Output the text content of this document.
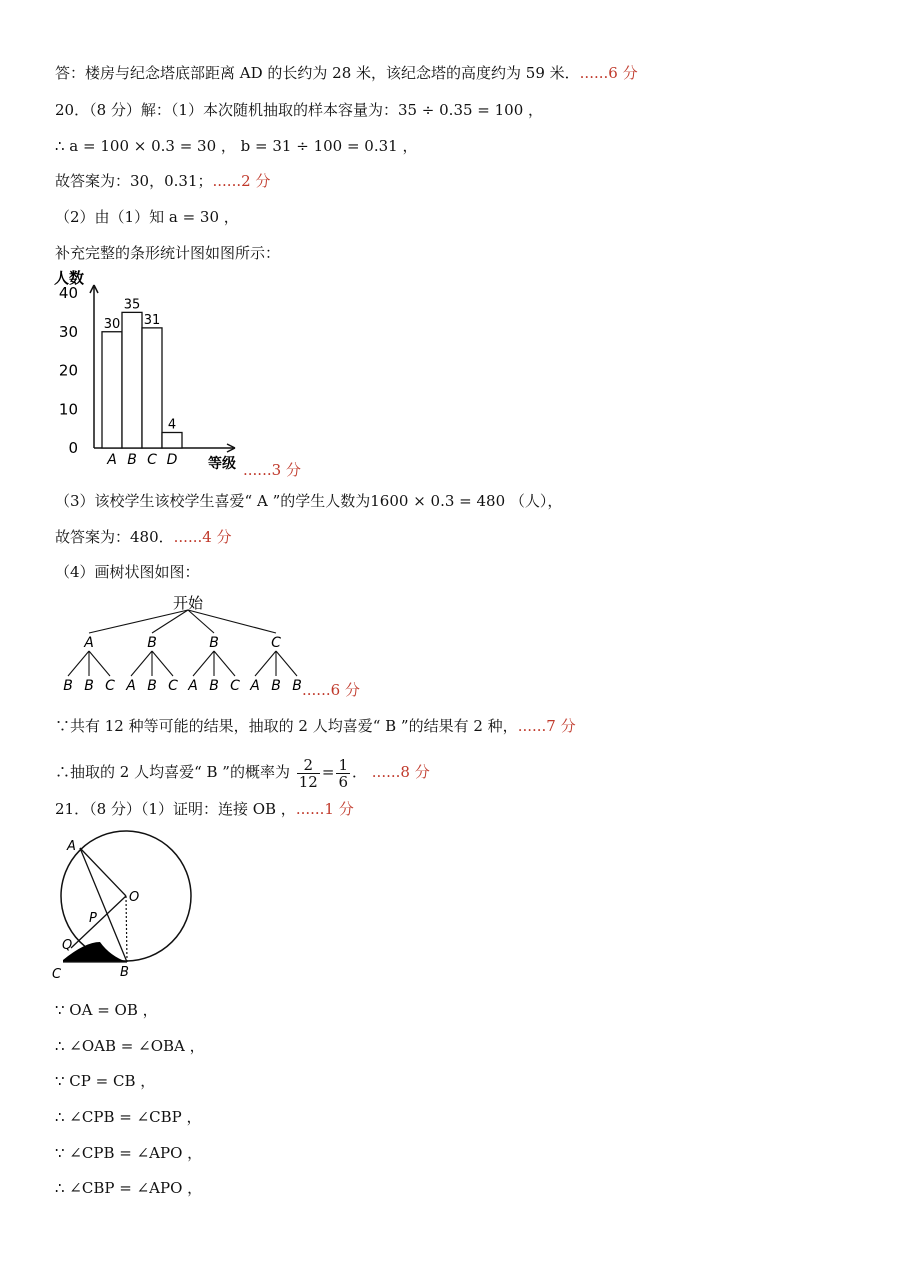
答：楼房与纪念塔底部距离 AD 的长约为 28 米，该纪念塔的高度约为 59 米．......6 分
20．（8 分）解：（1）本次随机抽取的样本容量为：35 ÷ 0.35 = 100 ，
∴ a = 100 × 0.3 = 30 ， b = 31 ÷ 100 = 0.31 ，
故答案为：30，0.31；......2 分
（2）由（1）知 a = 30 ，
补充完整的条形统计图如图所示：
人数
等级
0
10
20
30
40
30
A
35
B
31
C
4
D
......3 分
（3）该校学生该校学生喜爱“ A ”的学生人数为1600 × 0.3 = 480 （人），
故答案为：480．......4 分
（4）画树状图如图：
开始
A
B B C
B
A B C
B
A B C
C
A B B ......6 分
∵共有 12 种等可能的结果，抽取的 2 人均喜爱“ B ”的结果有 2 种，......7 分
∴抽取的 2 人均喜爱“ B ”的概率为 $\frac{2}{12} = \frac{1}{6}$ ． ......8 分
21．（8 分）（1）证明：连接 OB ，......1 分
A
O
P
Q
C	B
∵ OA = OB ，
∴ ∠OAB = ∠OBA ，
∵ CP = CB ，
∴ ∠CPB = ∠CBP ，
∵ ∠CPB = ∠APO ，
∴ ∠CBP = ∠APO ，
